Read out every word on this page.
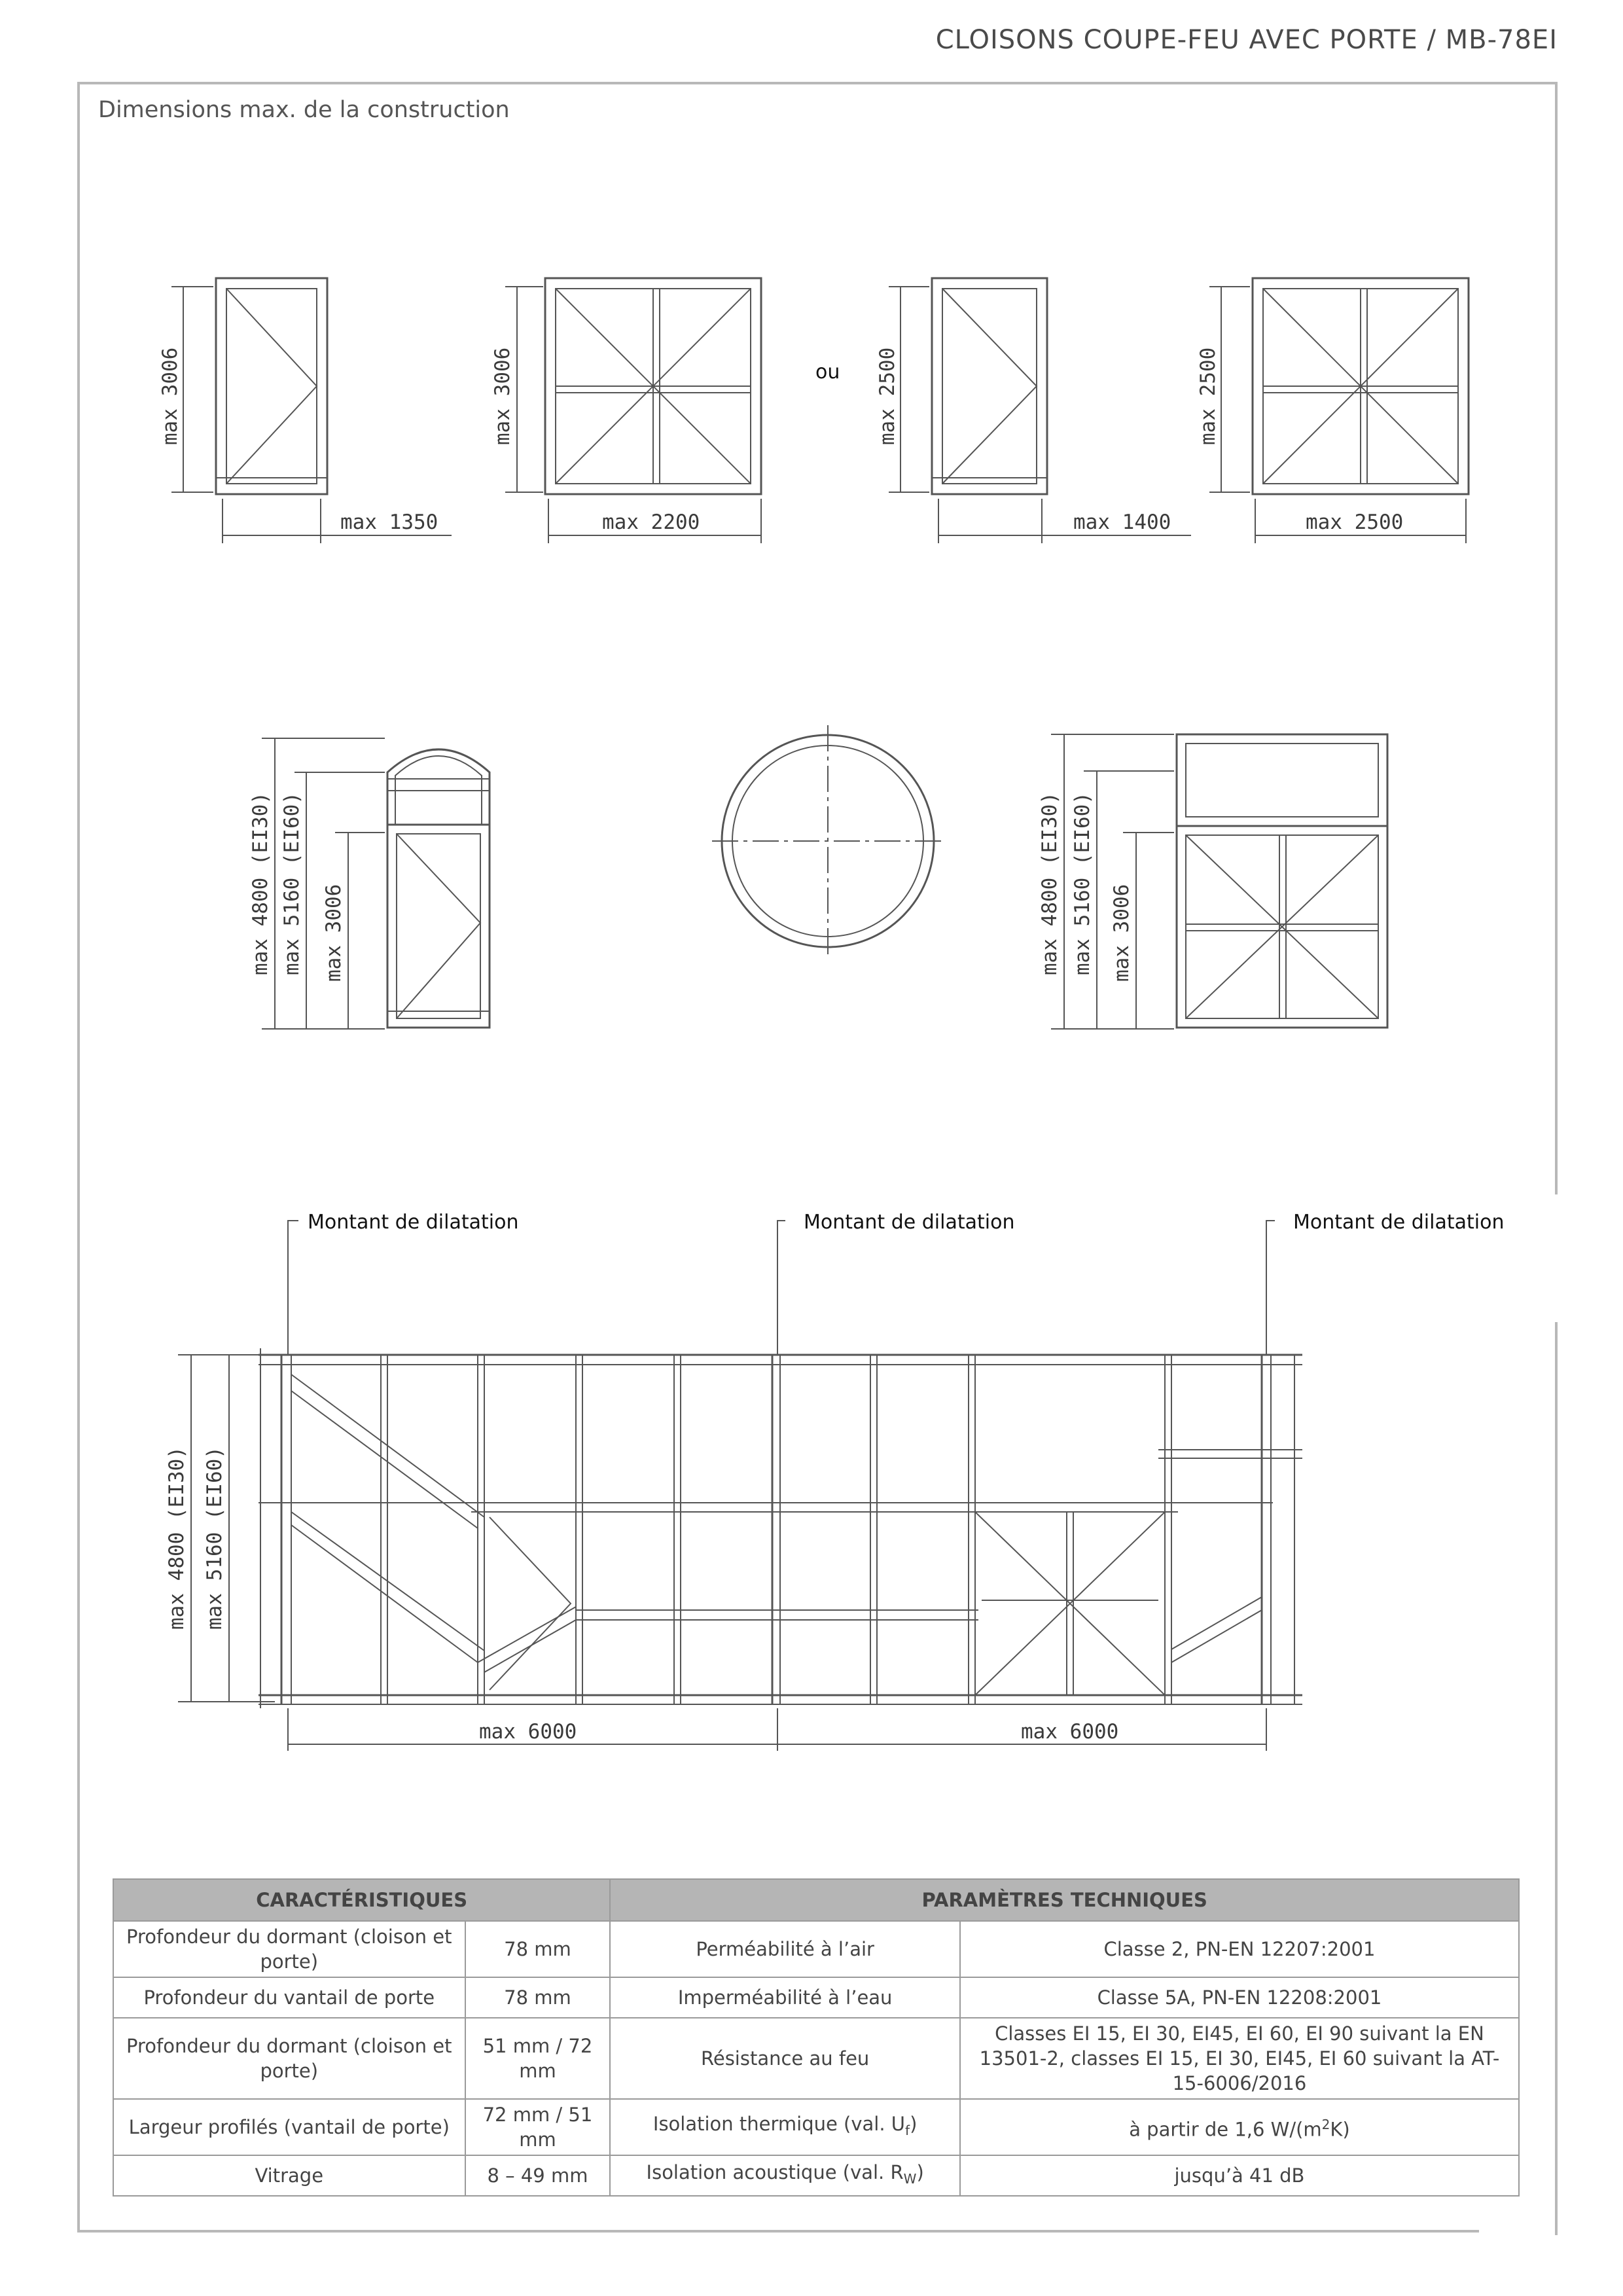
CLOISONS COUPE-FEU AVEC PORTE / MB-78EI
Dimensions max. de la construction
max 3006
max 1350
max 3006
max 2200
ou max 2500
max 1400
max 2500
max 2500
max 4800 (EI30) max 5160 (EI60) max 3006	max 4800 (EI30) max 5160 (EI60) max 3006
Montant de dilatation	Montant de dilatation	Montant de dilatation
max 4800 (EI30) max 5160 (EI60)
max 6000	max 6000
CARACTÉRISTIQUES		PARAMÈTRES TECHNIQUES	
Profondeur du dormant (cloison et porte)	78 mm	Perméabilité à l’air	Classe 2, PN-EN 12207:2001
Profondeur du vantail de porte	78 mm	Imperméabilité à l’eau	Classe 5A, PN-EN 12208:2001
Profondeur du dormant (cloison et porte)	51 mm / 72 mm	Résistance au feu	Classes EI 15, EI 30, EI45, EI 60, EI 90 suivant la EN 13501-2, classes EI 15, EI 30, EI45, EI 60 suivant la AT-15-6006/2016
Largeur profilés (vantail de porte)	72 mm / 51 mm	Isolation thermique (val. $U_f$)	à partir de 1,6 $W/(m^2K)$
Vitrage	8 – 49 mm	Isolation acoustique (val. $R_W$)	jusqu’à 41 dB
